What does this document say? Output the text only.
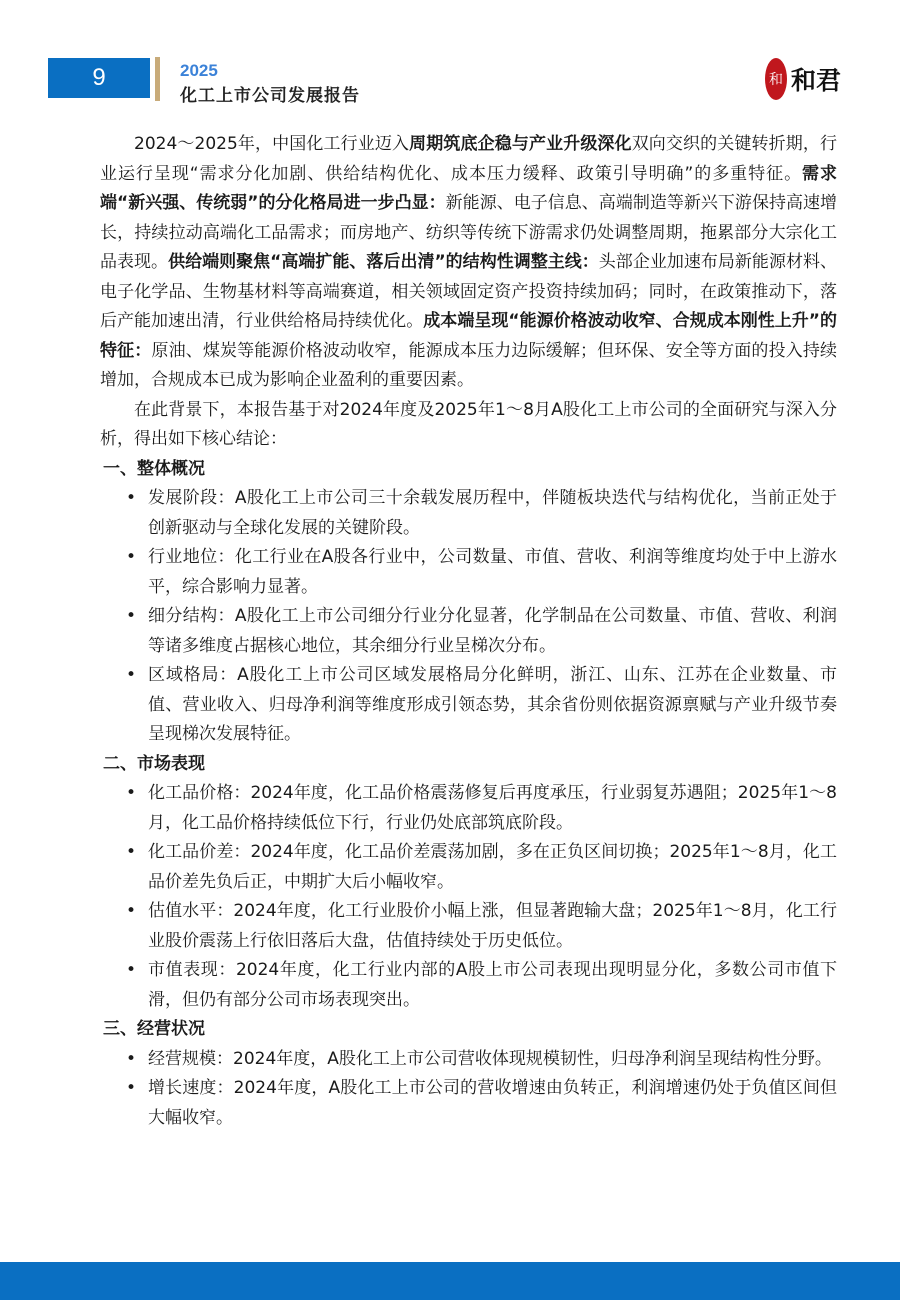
9	2025
化工上市公司发展报告
和 和君

2024～2025年，中国化工行业迈入周期筑底企稳与产业升级深化双向交织的关键转折期，行业运行呈现“需求分化加剧、供给结构优化、成本压力缓释、政策引导明确”的多重特征。需求端“新兴强、传统弱”的分化格局进一步凸显：新能源、电子信息、高端制造等新兴下游保持高速增长，持续拉动高端化工品需求；而房地产、纺织等传统下游需求仍处调整周期，拖累部分大宗化工品表现。供给端则聚焦“高端扩能、落后出清”的结构性调整主线：头部企业加速布局新能源材料、电子化学品、生物基材料等高端赛道，相关领域固定资产投资持续加码；同时，在政策推动下，落后产能加速出清，行业供给格局持续优化。成本端呈现“能源价格波动收窄、合规成本刚性上升”的特征：原油、煤炭等能源价格波动收窄，能源成本压力边际缓解；但环保、安全等方面的投入持续增加，合规成本已成为影响企业盈利的重要因素。

在此背景下，本报告基于对2024年度及2025年1～8月A股化工上市公司的全面研究与深入分析，得出如下核心结论：

一、整体概况

• 发展阶段：A股化工上市公司三十余载发展历程中，伴随板块迭代与结构优化，当前正处于创新驱动与全球化发展的关键阶段。

• 行业地位：化工行业在A股各行业中，公司数量、市值、营收、利润等维度均处于中上游水平，综合影响力显著。

• 细分结构：A股化工上市公司细分行业分化显著，化学制品在公司数量、市值、营收、利润等诸多维度占据核心地位，其余细分行业呈梯次分布。

• 区域格局：A股化工上市公司区域发展格局分化鲜明，浙江、山东、江苏在企业数量、市值、营业收入、归母净利润等维度形成引领态势，其余省份则依据资源禀赋与产业升级节奏呈现梯次发展特征。

二、市场表现

• 化工品价格：2024年度，化工品价格震荡修复后再度承压，行业弱复苏遇阻；2025年1～8月，化工品价格持续低位下行，行业仍处底部筑底阶段。

• 化工品价差：2024年度，化工品价差震荡加剧，多在正负区间切换；2025年1～8月，化工品价差先负后正，中期扩大后小幅收窄。

• 估值水平：2024年度，化工行业股价小幅上涨，但显著跑输大盘；2025年1～8月，化工行业股价震荡上行依旧落后大盘，估值持续处于历史低位。

• 市值表现：2024年度，化工行业内部的A股上市公司表现出现明显分化，多数公司市值下滑，但仍有部分公司市场表现突出。

三、经营状况

• 经营规模：2024年度，A股化工上市公司营收体现规模韧性，归母净利润呈现结构性分野。

• 增长速度：2024年度，A股化工上市公司的营收增速由负转正，利润增速仍处于负值区间但大幅收窄。
